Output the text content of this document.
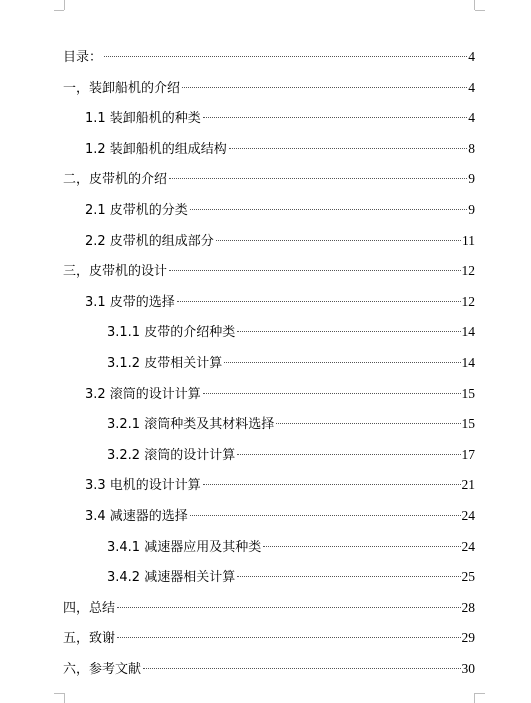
目录：	4
一，装卸船机的介绍	4
1.1 装卸船机的种类	4
1.2 装卸船机的组成结构	8
二，皮带机的介绍	9
2.1 皮带机的分类	9
2.2 皮带机的组成部分	11
三，皮带机的设计	12
3.1 皮带的选择	12
3.1.1 皮带的介绍种类	14
3.1.2 皮带相关计算	14
3.2 滚筒的设计计算	15
3.2.1 滚筒种类及其材料选择	15
3.2.2 滚筒的设计计算	17
3.3 电机的设计计算	21
3.4 减速器的选择	24
3.4.1 减速器应用及其种类	24
3.4.2 减速器相关计算	25
四，总结	28
五，致谢	29
六，参考文献	30
